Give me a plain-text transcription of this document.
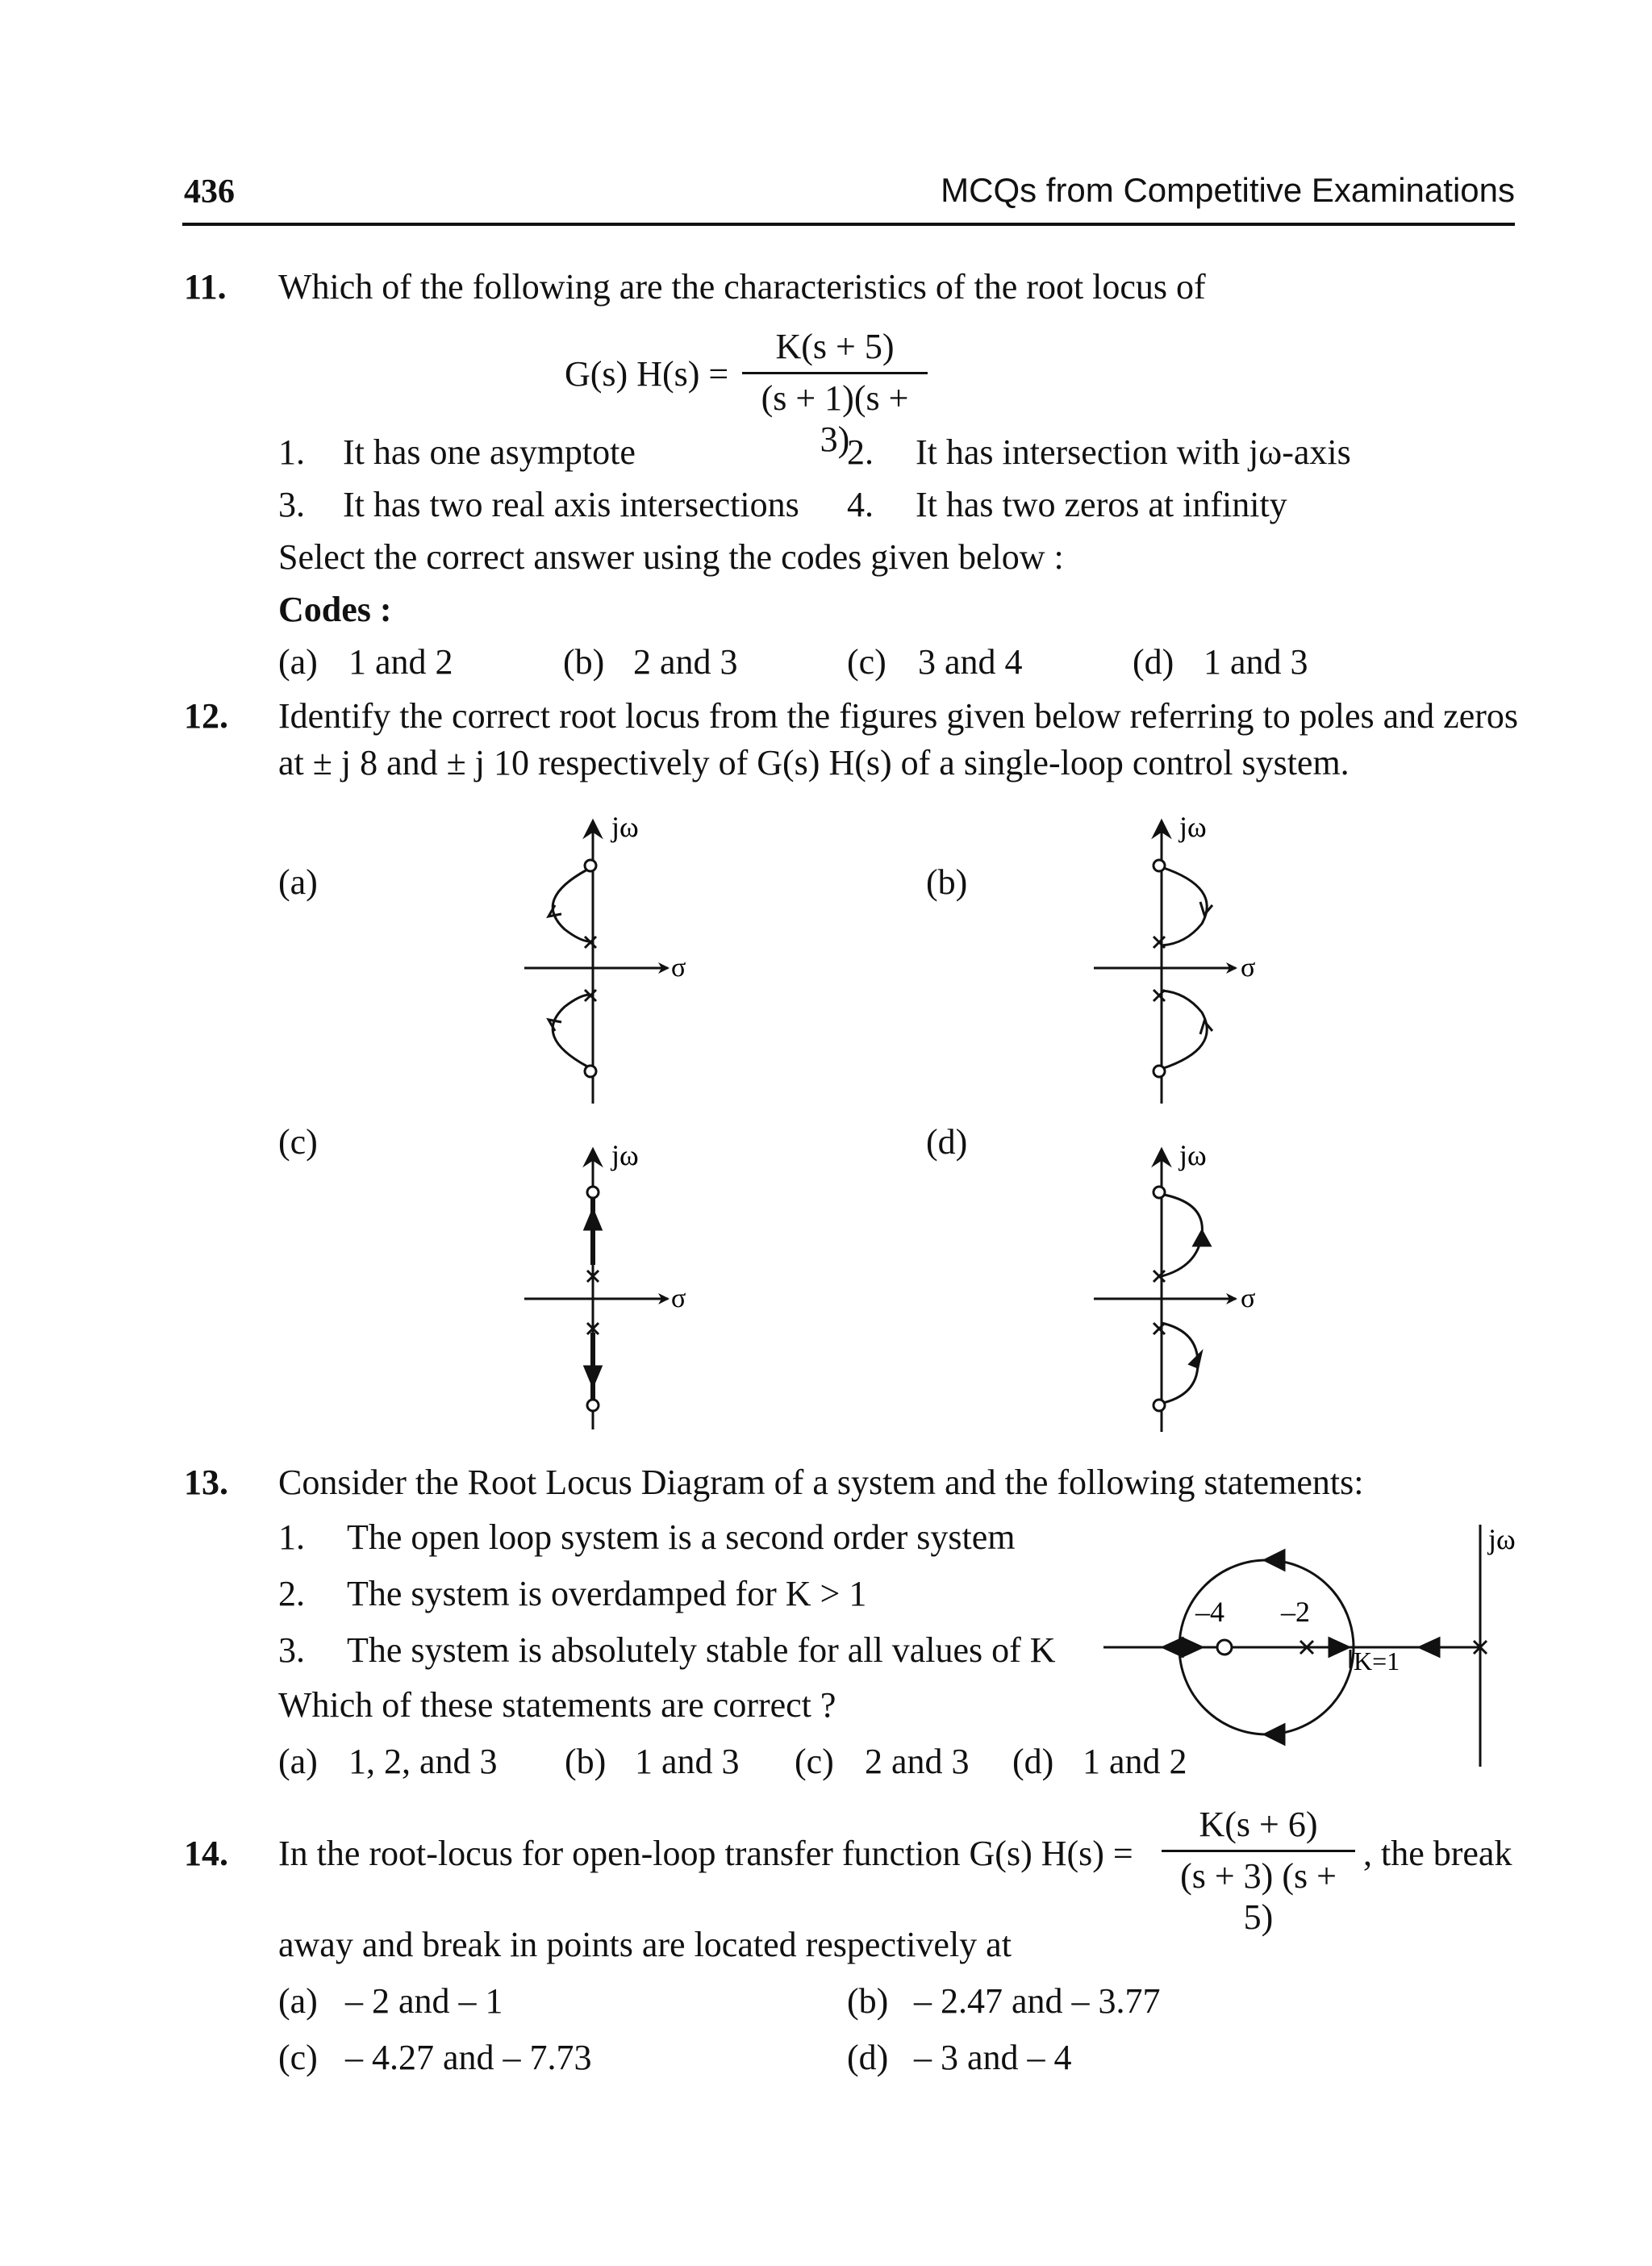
436	MCQs from Competitive Examinations
11. Which of the following are the characteristics of the root locus of
G(s) H(s) =
K(s + 5)
(s + 1)(s + 3)
1. It has one asymptote	2. It has intersection with jω-axis
3. It has two real axis intersections 4. It has two zeros at infinity
Select the correct answer using the codes given below :
Codes :
(a) 1 and 2	(b) 2 and 3	(c) 3 and 4	(d) 1 and 3
12. Identify the correct root locus from the figures given below referring to poles and zeros
at ± j 8 and ± j 10 respectively of G(s) H(s) of a single-loop control system.
(a)	(b)
(c)	(d)
jω
σ
jω
σ
jω
σ
jω
σ
13. Consider the Root Locus Diagram of a system and the following statements:
1. The open loop system is a second order system
2. The system is overdamped for K > 1
3. The system is absolutely stable for all values of K
Which of these statements are correct ?
(a) 1, 2, and 3 (b) 1 and 3 (c) 2 and 3 (d) 1 and 2
jω
–4 –2
K=1
14. In the root-locus for open-loop transfer function G(s) H(s) =
K(s + 6)
(s + 3) (s + 5)
, the break
away and break in points are located respectively at
(a) – 2 and – 1	(b) – 2.47 and – 3.77
(c) – 4.27 and – 7.73	(d) – 3 and – 4
